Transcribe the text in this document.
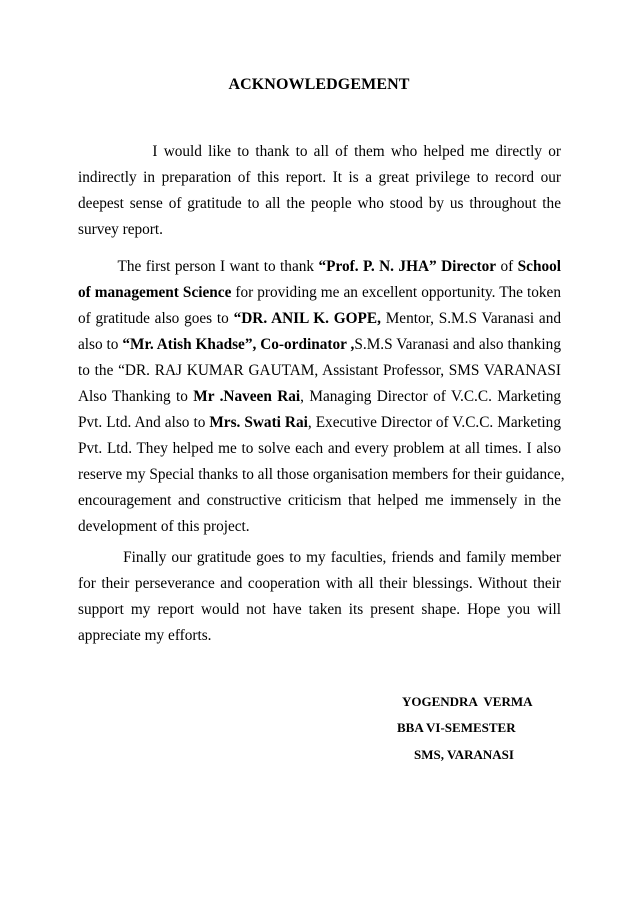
ACKNOWLEDGEMENT

I would like to thank to all of them who helped me directly or
indirectly in preparation of this report. It is a great privilege to record our
deepest sense of gratitude to all the people who stood by us throughout the
survey report.

The first person I want to thank “Prof. P. N. JHA” Director of School
of management Science for providing me an excellent opportunity. The token
of gratitude also goes to “DR. ANIL K. GOPE, Mentor, S.M.S Varanasi and
also to “Mr. Atish Khadse”, Co-ordinator ,S.M.S Varanasi and also thanking
to the “DR. RAJ KUMAR GAUTAM, Assistant Professor, SMS VARANASI
Also Thanking to Mr .Naveen Rai, Managing Director of V.C.C. Marketing
Pvt. Ltd. And also to Mrs. Swati Rai, Executive Director of V.C.C. Marketing
Pvt. Ltd. They helped me to solve each and every problem at all times. I also
reserve my Special thanks to all those organisation members for their guidance,
encouragement and constructive criticism that helped me immensely in the
development of this project.

Finally our gratitude goes to my faculties, friends and family member
for their perseverance and cooperation with all their blessings. Without their
support my report would not have taken its present shape. Hope you will
appreciate my efforts.

YOGENDRA  VERMA
BBA VI-SEMESTER
SMS, VARANASI
